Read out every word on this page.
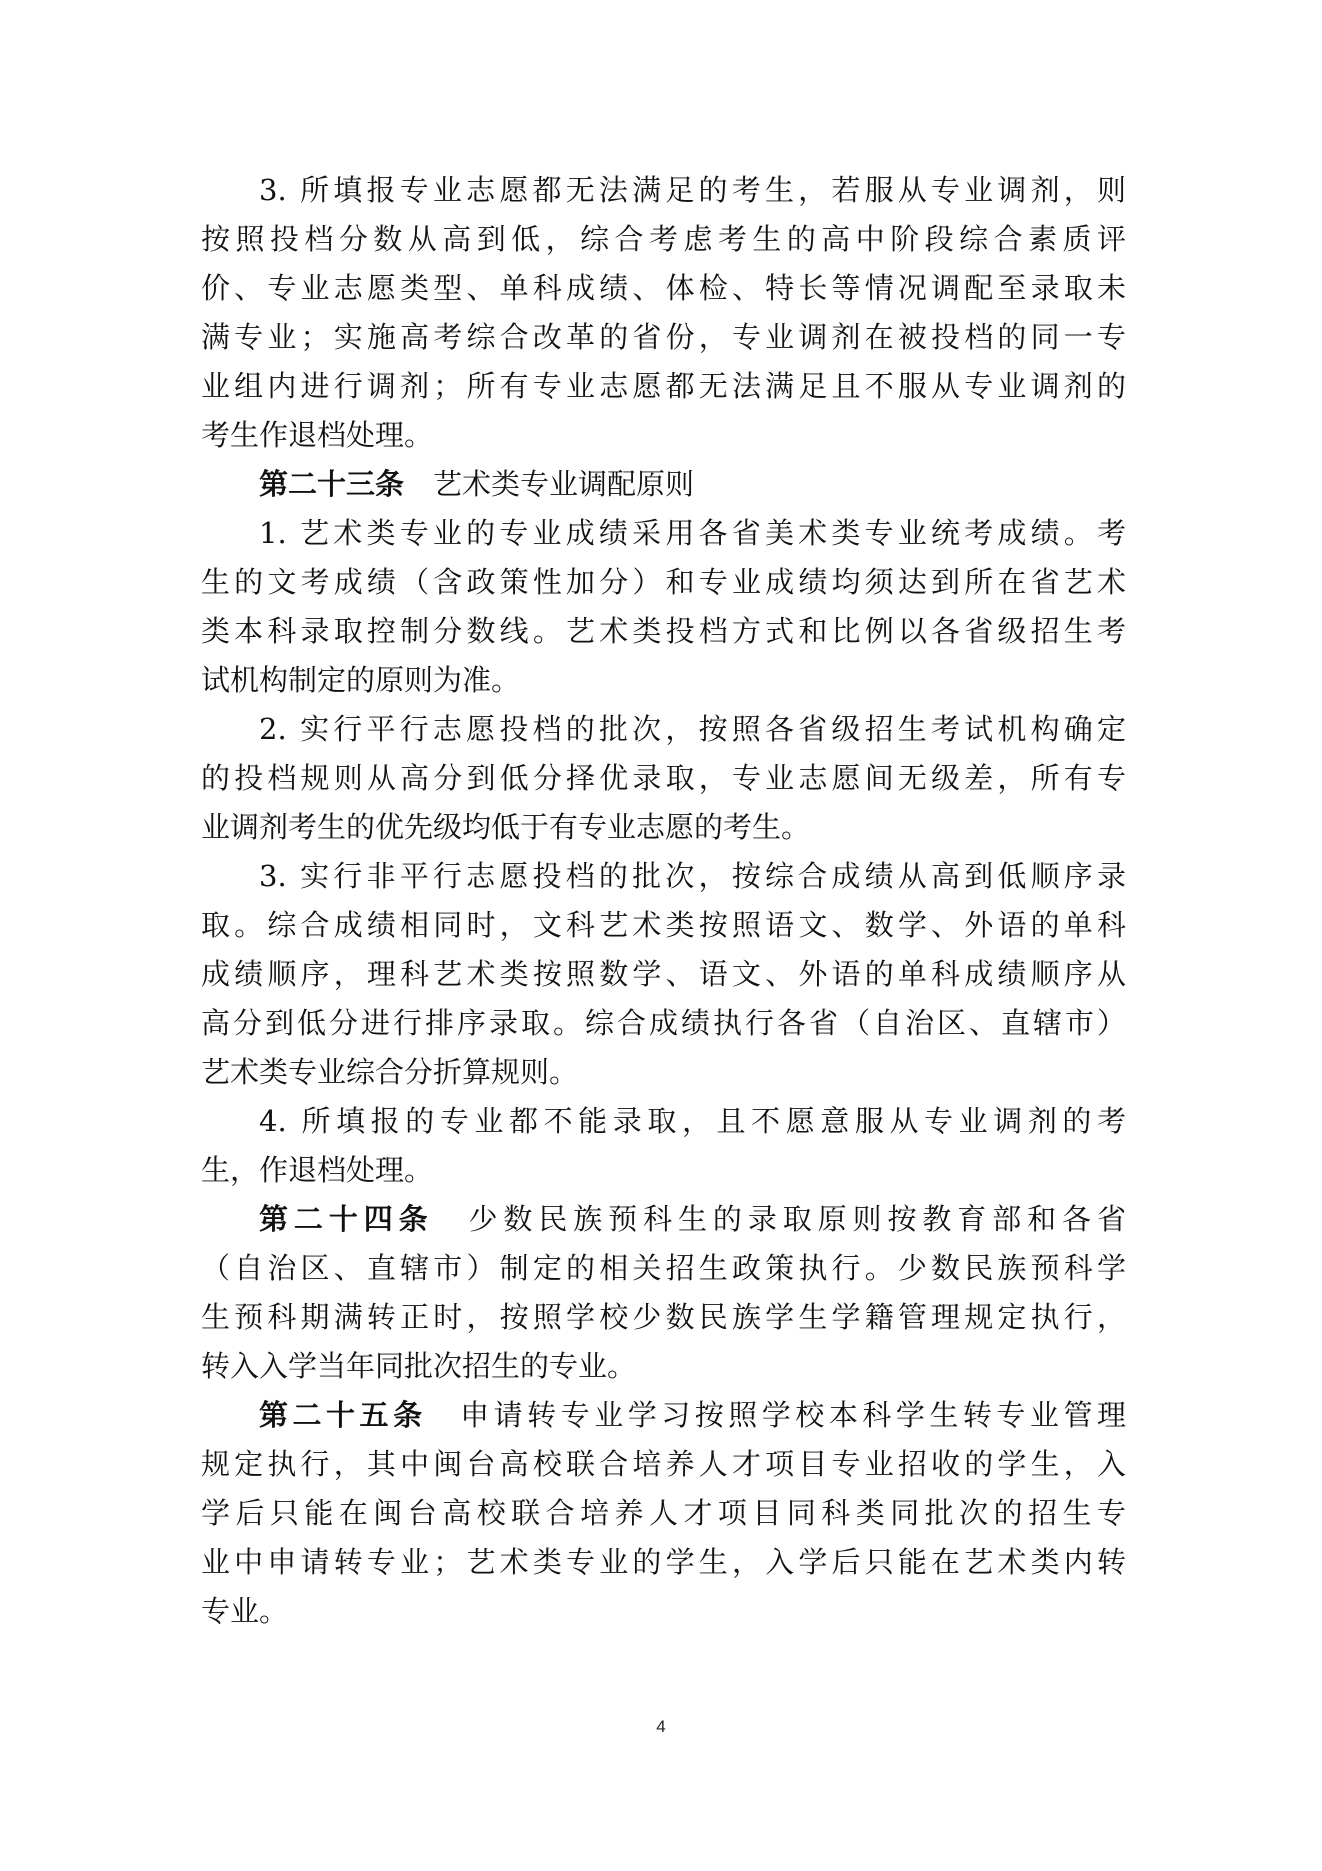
3. 所填报专业志愿都无法满足的考生，若服从专业调剂，则
按照投档分数从高到低，综合考虑考生的高中阶段综合素质评
价、专业志愿类型、单科成绩、体检、特长等情况调配至录取未
满专业；实施高考综合改革的省份，专业调剂在被投档的同一专
业组内进行调剂；所有专业志愿都无法满足且不服从专业调剂的
考生作退档处理。
第二十三条　 艺术类专业调配原则
1. 艺术类专业的专业成绩采用各省美术类专业统考成绩。考
生的文考成绩（含政策性加分）和专业成绩均须达到所在省艺术
类本科录取控制分数线。艺术类投档方式和比例以各省级招生考
试机构制定的原则为准。
2. 实行平行志愿投档的批次，按照各省级招生考试机构确定
的投档规则从高分到低分择优录取，专业志愿间无级差，所有专
业调剂考生的优先级均低于有专业志愿的考生。
3. 实行非平行志愿投档的批次，按综合成绩从高到低顺序录
取。综合成绩相同时，文科艺术类按照语文、数学、外语的单科
成绩顺序，理科艺术类按照数学、语文、外语的单科成绩顺序从
高分到低分进行排序录取。综合成绩执行各省（自治区、直辖市）
艺术类专业综合分折算规则。
4. 所填报的专业都不能录取，且不愿意服从专业调剂的考
生，作退档处理。
第二十四条　 少数民族预科生的录取原则按教育部和各省
（自治区、直辖市）制定的相关招生政策执行。少数民族预科学
生预科期满转正时，按照学校少数民族学生学籍管理规定执行，
转入入学当年同批次招生的专业。
第二十五条　 申请转专业学习按照学校本科学生转专业管理
规定执行，其中闽台高校联合培养人才项目专业招收的学生，入
学后只能在闽台高校联合培养人才项目同科类同批次的招生专
业中申请转专业；艺术类专业的学生，入学后只能在艺术类内转
专业。
4
